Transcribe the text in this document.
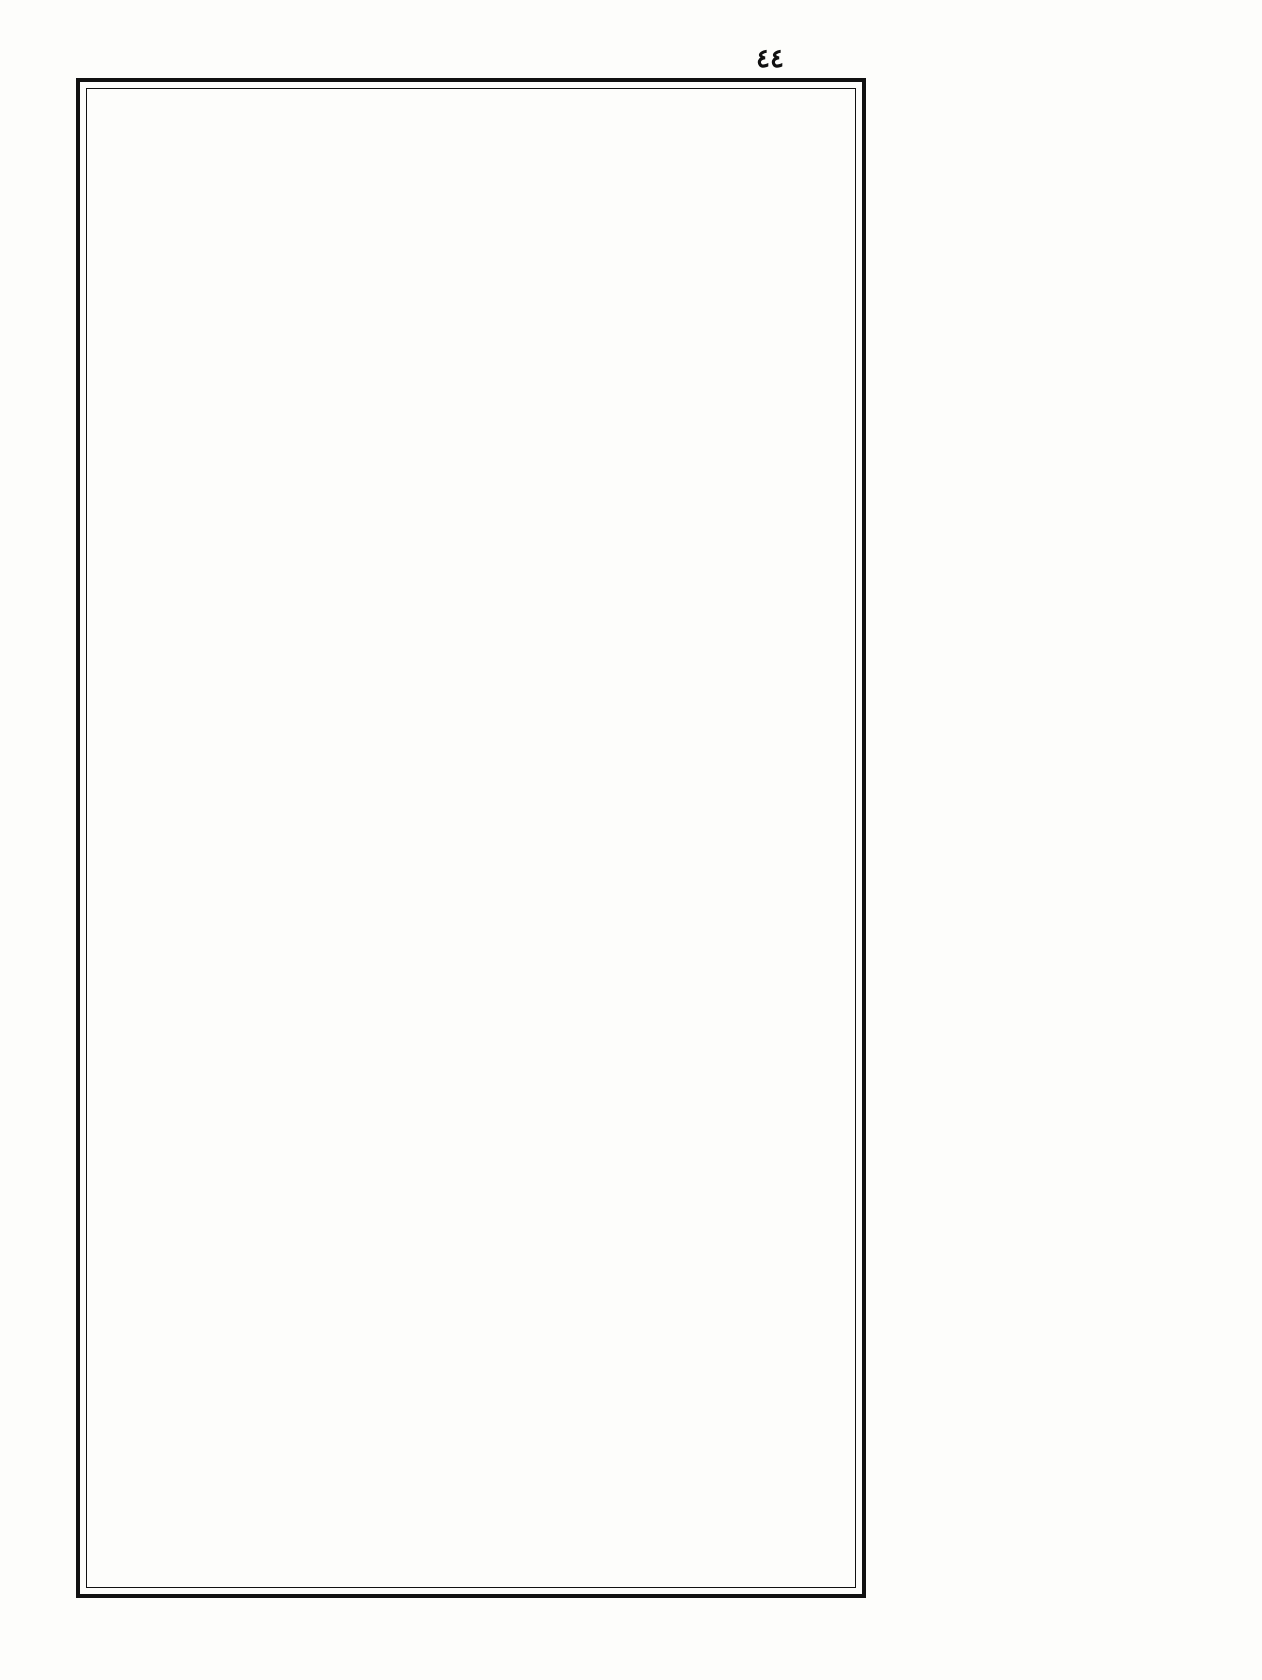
٤٤
